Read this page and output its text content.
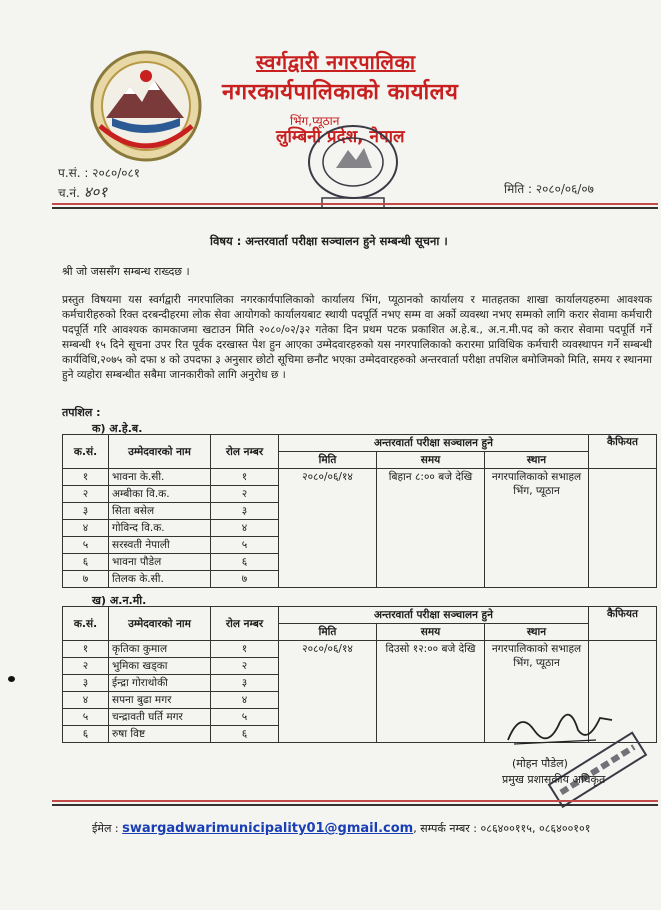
स्वर्गद्वारी नगरपालिका
नगरकार्यपालिकाको कार्यालय
भिंग,प्यूठान
लुम्बिनी प्रदेश, नेपाल
प.सं. : २०८०/०८१
च.नं. ४०१	मिति : २०८०/०६/०७
विषय : अन्तरवार्ता परीक्षा सञ्चालन हुने सम्बन्धी सूचना ।
श्री जो जससँग सम्बन्ध राख्दछ ।
प्रस्तुत विषयमा यस स्वर्गद्वारी नगरपालिका नगरकार्यपालिकाको कार्यालय भिंग, प्यूठानको कार्यालय र मातहतका शाखा कार्यालयहरुमा आवश्यक कर्मचारीहरुको रिक्त दरबन्दीहरमा लोक सेवा आयोगको कार्यालयबाट स्थायी पदपूर्ति नभए सम्म वा अर्को व्यवस्था नभए सम्मको लागि करार सेवामा कर्मचारी पदपूर्ति गरि आवश्यक कामकाजमा खटाउन मिति २०८०/०२/३२ गतेका दिन प्रथम पटक प्रकाशित अ.हे.ब., अ.न.मी.पद को करार सेवामा पदपूर्ति गर्ने सम्बन्धी १५ दिने सूचना उपर रित पूर्वक दरखास्त पेश हुन आएका उम्मेदवारहरुको यस नगरपालिकाको करारमा प्राविधिक कर्मचारी व्यवस्थापन गर्ने सम्बन्धी कार्यविधि,२०७५ को दफा ४ को उपदफा ३ अनुसार छोटो सूचिमा छनौट भएका उम्मेदवारहरुको अन्तरवार्ता परीक्षा तपशिल बमोजिमको मिति, समय र स्थानमा हुने व्यहोरा सम्बन्धीत सबैमा जानकारीको लागि अनुरोध छ ।
तपशिल :
क) अ.हे.ब.
क.सं.	उम्मेदवारको नाम	रोल नम्बर	अन्तरवार्ता परीक्षा सञ्चालन हुने			कैफियत
			मिति	समय	स्थान	
१	भावना के.सी.	१	२०८०/०६/१४	बिहान ८:०० बजे देखि	नगरपालिकाको सभाहल भिंग, प्यूठान	
२	अम्बीका वि.क.	२				
३	सिता बसेल	३				
४	गोविन्द वि.क.	४				
५	सरस्वती नेपाली	५				
६	भावना पौडेल	६				
७	तिलक के.सी.	७				
ख) अ.न.मी.
क.सं.	उम्मेदवारको नाम	रोल नम्बर	अन्तरवार्ता परीक्षा सञ्चालन हुने			कैफियत
			मिति	समय	स्थान	
१	कृतिका कुमाल	१	२०८०/०६/१४	दिउसो १२:०० बजे देखि	नगरपालिकाको सभाहल भिंग, प्यूठान	
२	भुमिका खड्का	२				
३	ईन्द्रा गोराथोकी	३				
४	सपना बुढा मगर	४				
५	चन्द्रावती घर्ति मगर	५				
६	रुषा विष्ट	६				
(मोहन पौडेल)
प्रमुख प्रशासकीय अधिकृत
ईमेल : swargadwarimunicipality01@gmail.com, सम्पर्क नम्बर : ०८६४००११५, ०८६४००१०१
